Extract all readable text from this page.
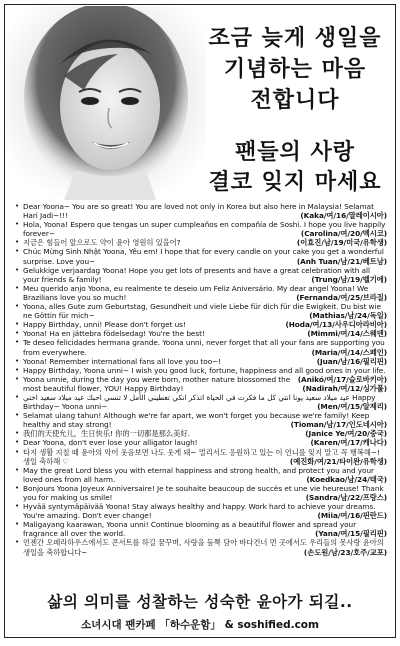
조금 늦게 생일을
기념하는 마음
전합니다
팬들의 사랑
결코 잊지 마세요
• Dear Yoona~ You are so great! You are loved not only in Korea but also here in Malaysia! Selamat Hari Jadi~!!!	(Kaka/여/16/말레이시아)
• Hola, Yoona! Espero que tengas un super cumpleaños en compañía de Soshi. I hope you live happily forever~	(Carolina/여/20/멕시코)
• 지금은 힘들어 앞으로도 약이 윤아 영원히 있을어?	(이효진/남/19/미국/유학생)
• Chúc Mừng Sinh Nhật Yoona, Yêu em! I hope that for every candle on your cake you get a wonderful surprise. Love you~	(Anh Tuan/남/21/베트남)
• Gelukkige verjaardag Yoona! Hope you get lots of presents and have a great celebration with all your friends & family!	(Trung/남/19/벨기에)
• Meu querido anjo Yoona, eu realmente te deseio um Feliz Aniversário. My dear angel Yoona! We Brazilians love you so much!	(Fernanda/여/25/브라질)
• Yoona, alles Gute zum Geburtstag, Gesundheit und viele Liebe für dich für die Ewigkeit. Du bist wie ne Göttin für mich~	(Mathias/남/24/독일)
• Happy Birthday, unni! Please don't forget us!	(Hoda/여/13/사우디아라비아)
• Yoona! Ha en jättebra födelsedag! You're the best!	(Mimmi/여/14/스웨덴)
• Te deseo felicidades hermana grande. Yoona unni, never forget that all your fans are supporting you from everywhere.	(Maria/여/14/스페인)
• Yoona! Remember international fans all love you too~!	(Juan/남/16/필리핀)
• Happy Birthday, Yoona unni~ I wish you good luck, fortune, happiness and all good ones in your life.
(Anikó/여/17/슬로바키아)
• Yoona unnie, during the day you were born, mother nature blossomed the most beautiful flower, YOU! Happy Birthday!	(Nadirah/여/12/싱가폴)
• عيد ميلاد سعيد يونا انتي كل ما فكرت في الحياة اتذكر انكي تعطيني الأمل لا تنسي احبك عيد ميلاد سعيد اختي Happy Birthday~ Yoona unni~	(Men/여/15/알제리)
• Selamat ulang tahun! Although we're far apart, we won't forget you because we're family! Keep healthy and stay strong!	(Tioman/남/17/인도네시아)
• 我们的天使允儿，生日快乐! 你的一切都是那么美好.	(Janice Ye/여/20/중국)
• Dear Yoona, don't ever lose your alligator laugh!	(Karen/여/17/캐나다)
• 타지 생활 지칠 때 윤아의 악어 웃음보면 나도 웃게 돼~ 멀리서도 응원하고 있는 이 언니를 잊지 말고 꼭 행복해~! 생일 축하해 ♡	(예진화/여/21/타이완/유학생)
• May the great Lord bless you with eternal happiness and strong health, and protect you and your loved ones from all harm.	(Koedkao/남/24/태국)
• Bonjours Yoona Joyeux Anniversaire! Je te souhaite beaucoup de succès et une vie heureuse! Thank you for making us smile!	(Sandra/남/22/프랑스)
• Hyvää syntymäpäivää Yoona! Stay always healthy and happy. Work hard to achieve your dreams. You're amazing. Don't ever change!	(Miia/여/16/핀란드)
• Maligayang kaarawan, Yoona unni! Continue blooming as a beautiful flower and spread your fragrance all over the world.	(Yana/여/15/필리핀)
• 언젠간 오페라하우스에서도 콘서트를 하길 꿈꾸며, 사랑을 듬뿍 담아 바다건너 먼 곳에서도 우리들의 못사랑 윤아의 생일을 축하합니다~	(손도원/남/23/호주/교포)
삶의 의미를 성찰하는 성숙한 윤아가 되길..
소녀시대 팬카페 「하수운함」 & soshified.com
